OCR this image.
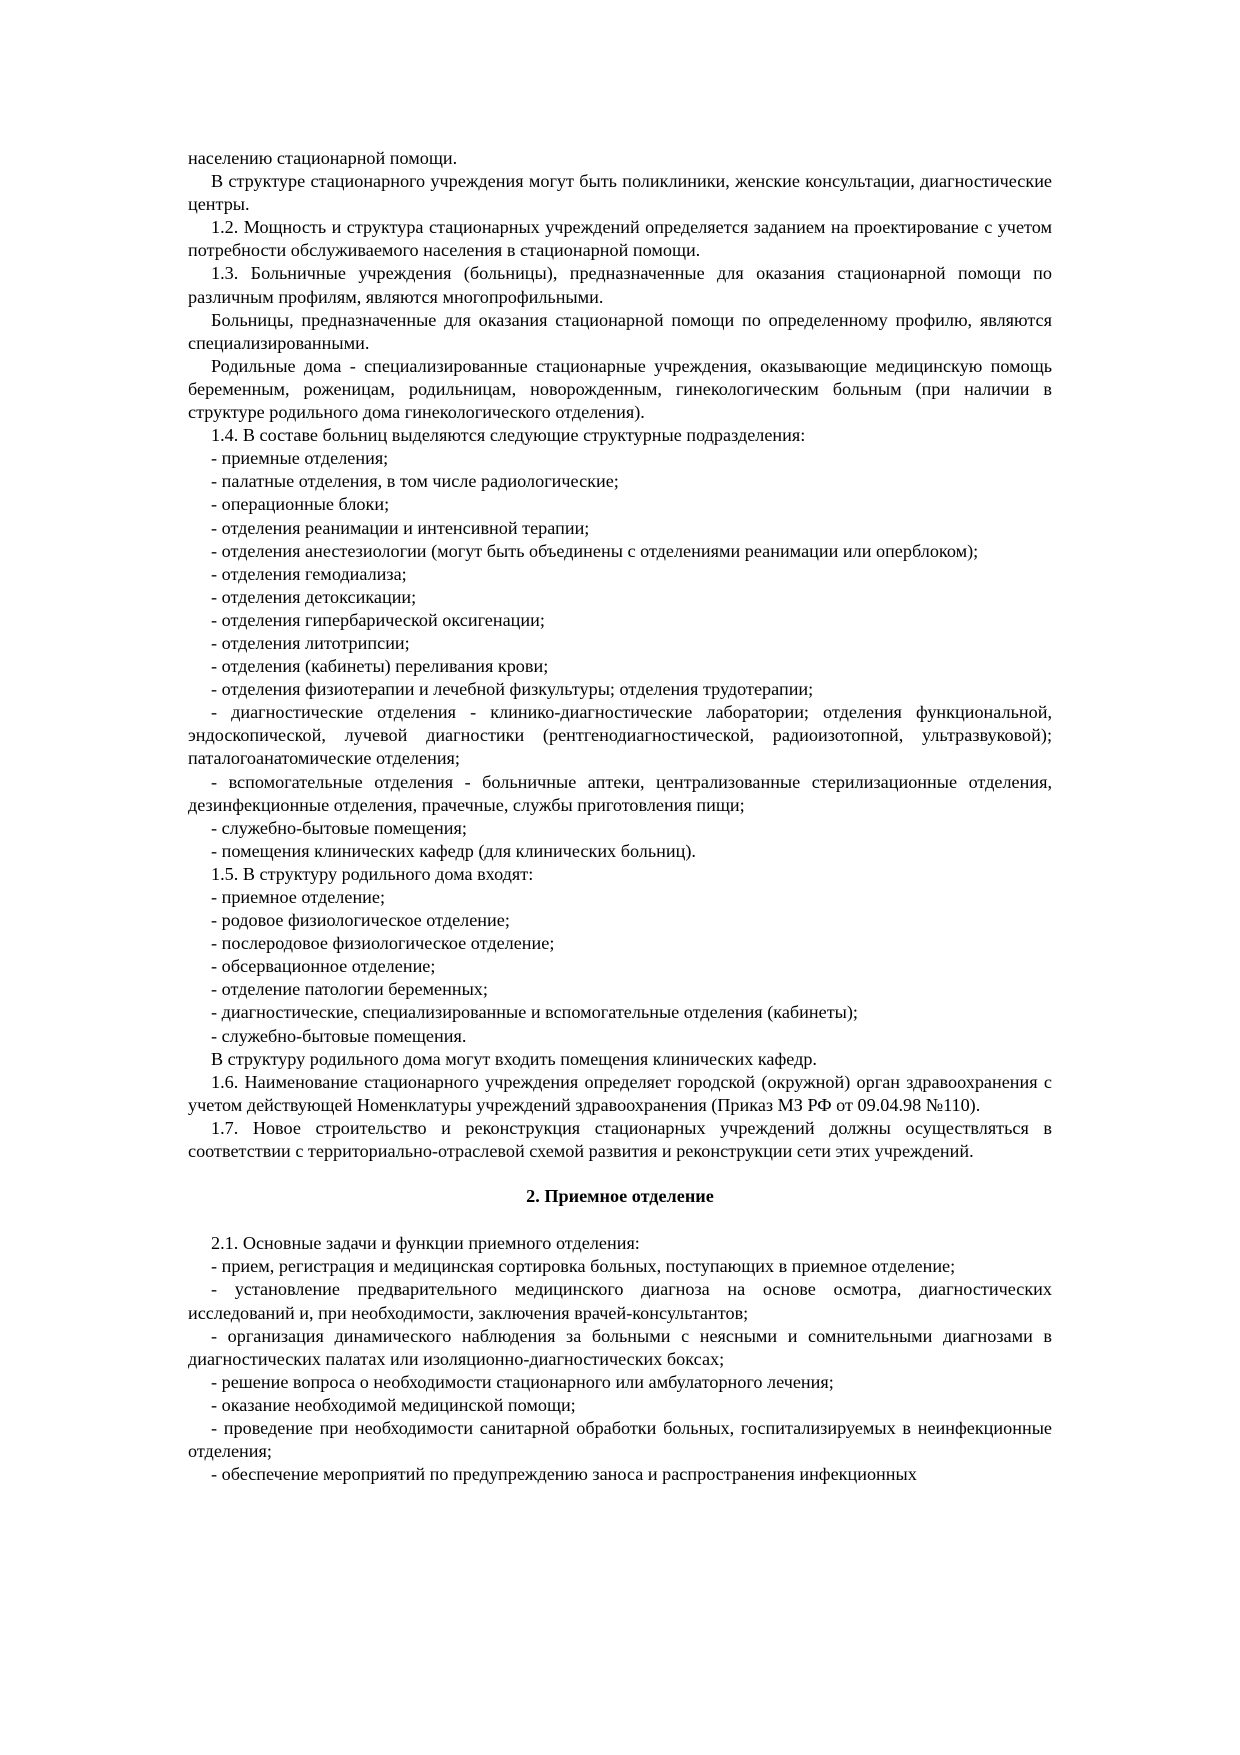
населению стационарной помощи.

В структуре стационарного учреждения могут быть поликлиники, женские консультации, диагностические центры.

1.2. Мощность и структура стационарных учреждений определяется заданием на проектирование с учетом потребности обслуживаемого населения в стационарной помощи.

1.3. Больничные учреждения (больницы), предназначенные для оказания стационарной помощи по различным профилям, являются многопрофильными.

Больницы, предназначенные для оказания стационарной помощи по определенному профилю, являются специализированными.

Родильные дома - специализированные стационарные учреждения, оказывающие медицинскую помощь беременным, роженицам, родильницам, новорожденным, гинекологическим больным (при наличии в структуре родильного дома гинекологического отделения).

1.4. В составе больниц выделяются следующие структурные подразделения:

- приемные отделения;

- палатные отделения, в том числе радиологические;

- операционные блоки;

- отделения реанимации и интенсивной терапии;

- отделения анестезиологии (могут быть объединены с отделениями реанимации или оперблоком);

- отделения гемодиализа;

- отделения детоксикации;

- отделения гипербарической оксигенации;

- отделения литотрипсии;

- отделения (кабинеты) переливания крови;

- отделения физиотерапии и лечебной физкультуры; отделения трудотерапии;

- диагностические отделения - клинико-диагностические лаборатории; отделения функциональной, эндоскопической, лучевой диагностики (рентгенодиагностической, радиоизотопной, ультразвуковой); паталогоанатомические отделения;

- вспомогательные отделения - больничные аптеки, централизованные стерилизационные отделения, дезинфекционные отделения, прачечные, службы приготовления пищи;

- служебно-бытовые помещения;

- помещения клинических кафедр (для клинических больниц).

1.5. В структуру родильного дома входят:

- приемное отделение;

- родовое физиологическое отделение;

- послеродовое физиологическое отделение;

- обсервационное отделение;

- отделение патологии беременных;

- диагностические, специализированные и вспомогательные отделения (кабинеты);

- служебно-бытовые помещения.

В структуру родильного дома могут входить помещения клинических кафедр.

1.6. Наименование стационарного учреждения определяет городской (окружной) орган здравоохранения с учетом действующей Номенклатуры учреждений здравоохранения (Приказ МЗ РФ от 09.04.98 №110).

1.7. Новое строительство и реконструкция стационарных учреждений должны осуществляться в соответствии с территориально-отраслевой схемой развития и реконструкции сети этих учреждений.

2. Приемное отделение

2.1. Основные задачи и функции приемного отделения:

- прием, регистрация и медицинская сортировка больных, поступающих в приемное отделение;

- установление предварительного медицинского диагноза на основе осмотра, диагностических исследований и, при необходимости, заключения врачей-консультантов;

- организация динамического наблюдения за больными с неясными и сомнительными диагнозами в диагностических палатах или изоляционно-диагностических боксах;

- решение вопроса о необходимости стационарного или амбулаторного лечения;

- оказание необходимой медицинской помощи;

- проведение при необходимости санитарной обработки больных, госпитализируемых в неинфекционные отделения;

- обеспечение мероприятий по предупреждению заноса и распространения инфекционных
